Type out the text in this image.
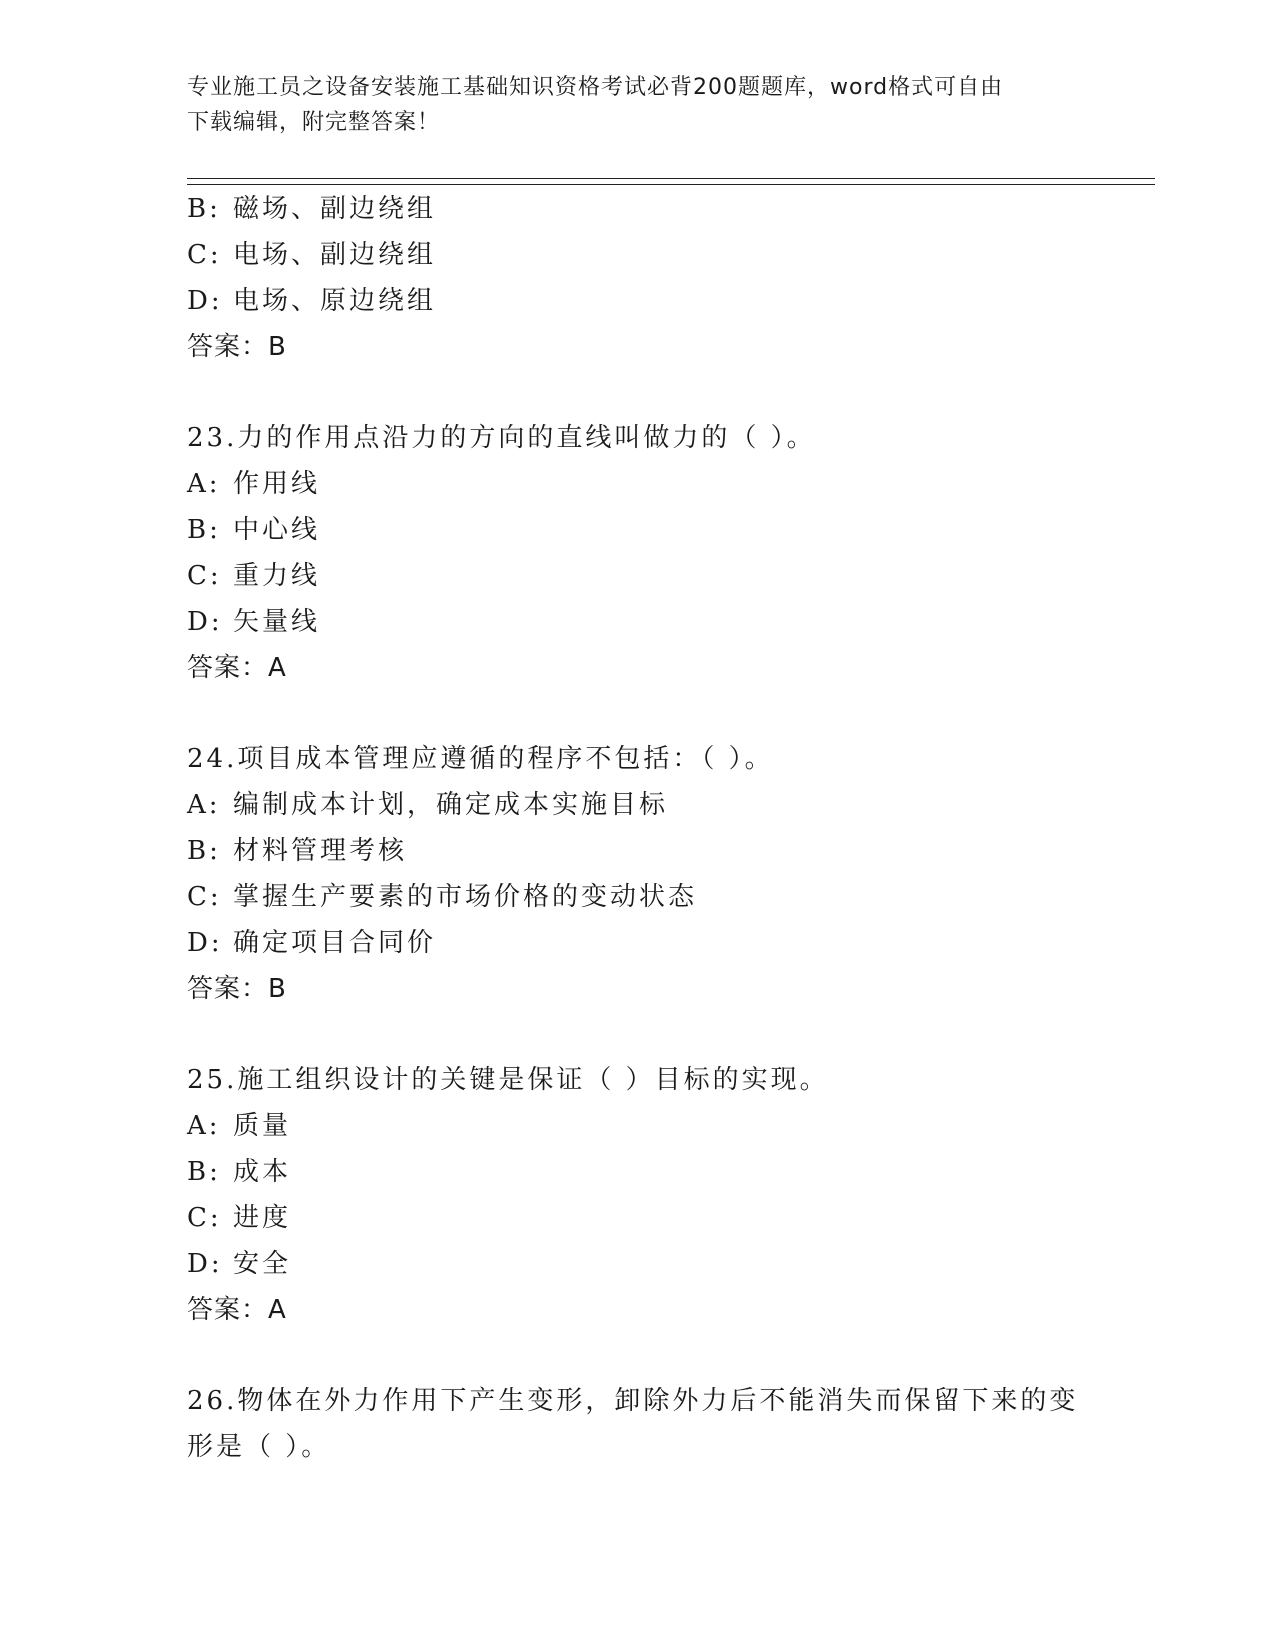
专业施工员之设备安装施工基础知识资格考试必背200题题库，word格式可自由
下载编辑，附完整答案！
B: 磁场、副边绕组
C: 电场、副边绕组
D: 电场、原边绕组
答案：B
23.力的作用点沿力的方向的直线叫做力的（ ）。
A: 作用线
B: 中心线
C: 重力线
D: 矢量线
答案：A
24.项目成本管理应遵循的程序不包括：（ ）。
A: 编制成本计划，确定成本实施目标
B: 材料管理考核
C: 掌握生产要素的市场价格的变动状态
D: 确定项目合同价
答案：B
25.施工组织设计的关键是保证（ ）目标的实现。
A: 质量
B: 成本
C: 进度
D: 安全
答案：A
26.物体在外力作用下产生变形，卸除外力后不能消失而保留下来的变
形是（ ）。
